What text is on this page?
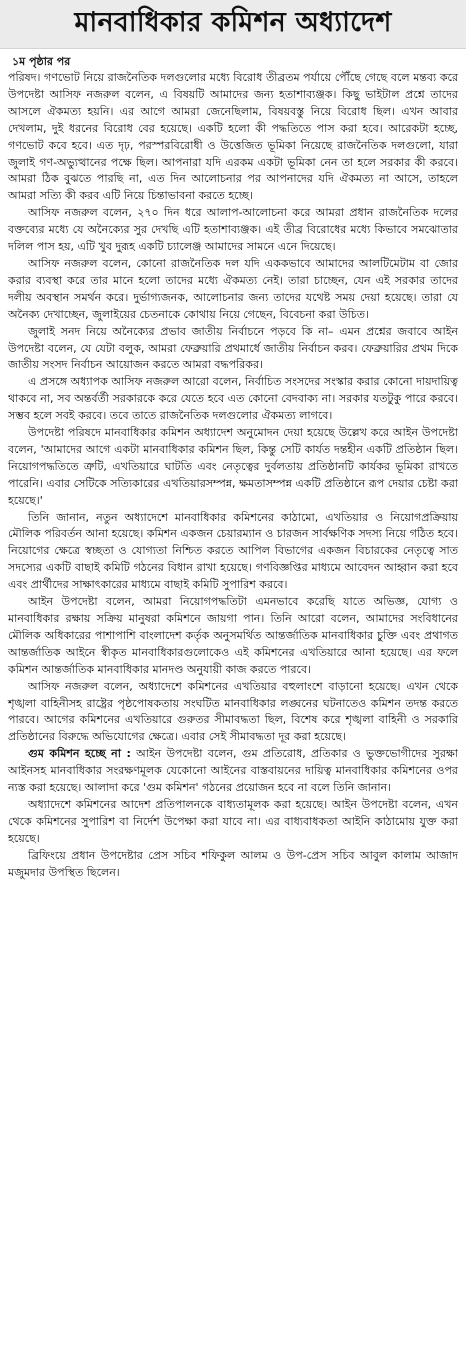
মানবাধিকার কমিশন অধ্যাদেশ
১ম পৃষ্ঠার পর

পরিষদ। গণভোট নিয়ে রাজনৈতিক দলগুলোর মধ্যে বিরোধ তীব্রতম পর্যায়ে পৌঁছে গেছে বলে মন্তব্য করে উপদেষ্টা আসিফ নজরুল বলেন, এ বিষয়টি আমাদের জন্য হতাশাব্যঞ্জক। কিছু ভাইটাল প্রশ্নে তাদের আসলে ঐকমত্য হয়নি। এর আগে আমরা জেনেছিলাম, বিষয়বস্তু নিয়ে বিরোধ ছিল। এখন আবার দেখলাম, দুই ধরনের বিরোধ বের হয়েছে। একটি হলো কী পদ্ধতিতে পাস করা হবে। আরেকটা হচ্ছে, গণভোট কবে হবে। এত দৃঢ়, পরস্পরবিরোধী ও উত্তেজিত ভূমিকা নিয়েছে রাজনৈতিক দলগুলো, যারা জুলাই গণ-অভ্যুত্থানের পক্ষে ছিল। আপনারা যদি এরকম একটা ভূমিকা নেন তা হলে সরকার কী করবে। আমরা ঠিক বুঝতে পারছি না, এত দিন আলোচনার পর আপনাদের যদি ঐকমত্য না আসে, তাহলে আমরা সত্যি কী করব এটি নিয়ে চিন্তাভাবনা করতে হচ্ছে।

আসিফ নজরুল বলেন, ২৭০ দিন ধরে আলাপ-আলোচনা করে আমরা প্রধান রাজনৈতিক দলের বক্তব্যের মধ্যে যে অনৈক্যের সুর দেখছি এটি হতাশাব্যঞ্জক। এই তীব্র বিরোধের মধ্যে কিভাবে সমঝোতার দলিল পাস হয়, এটি খুব দুরূহ একটি চ্যালেঞ্জ আমাদের সামনে এনে দিয়েছে।

আসিফ নজরুল বলেন, কোনো রাজনৈতিক দল যদি এককভাবে আমাদের আলটিমেটাম বা জোর করার ব্যবস্থা করে তার মানে হলো তাদের মধ্যে ঐকমত্য নেই। তারা চাচ্ছেন, যেন এই সরকার তাদের দলীয় অবস্থান সমর্থন করে। দুর্ভাগ্যজনক, আলোচনার জন্য তাদের যথেষ্ট সময় দেয়া হয়েছে। তারা যে অনৈক্য দেখাচ্ছেন, জুলাইয়ের চেতনাকে কোথায় নিয়ে গেছেন, বিবেচনা করা উচিত।

জুলাই সনদ নিয়ে অনৈক্যের প্রভাব জাতীয় নির্বাচনে পড়বে কি না– এমন প্রশ্নের জবাবে আইন উপদেষ্টা বলেন, যে যেটা বলুক, আমরা ফেব্রুয়ারি প্রথমার্ধে জাতীয় নির্বাচন করব। ফেব্রুয়ারির প্রথম দিকে জাতীয় সংসদ নির্বাচন আয়োজন করতে আমরা বদ্ধপরিকর।

এ প্রসঙ্গে অধ্যাপক আসিফ নজরুল আরো বলেন, নির্বাচিত সংসদের সংস্কার করার কোনো দায়দায়িত্ব থাকবে না, সব অন্তর্বর্তী সরকারকে করে যেতে হবে এত কোনো বেদবাক্য না। সরকার যতটুকু পারে করবে। সম্ভব হলে সবই করবে। তবে তাতে রাজনৈতিক দলগুলোর ঐকমত্য লাগবে।

উপদেষ্টা পরিষদে মানবাধিকার কমিশন অধ্যাদেশ অনুমোদন দেয়া হয়েছে উল্লেখ করে আইন উপদেষ্টা বলেন, 'আমাদের আগে একটা মানবাধিকার কমিশন ছিল, কিন্তু সেটি কার্যত দন্তহীন একটি প্রতিষ্ঠান ছিল। নিয়োগপদ্ধতিতে ত্রুটি, এখতিয়ারে ঘাটতি এবং নেতৃত্বের দুর্বলতায় প্রতিষ্ঠানটি কার্যকর ভূমিকা রাখতে পারেনি। এবার সেটিকে সত্যিকারের এখতিয়ারসম্পন্ন, ক্ষমতাসম্পন্ন একটি প্রতিষ্ঠানে রূপ দেয়ার চেষ্টা করা হয়েছে।'

তিনি জানান, নতুন অধ্যাদেশে মানবাধিকার কমিশনের কাঠামো, এখতিয়ার ও নিয়োগপ্রক্রিয়ায় মৌলিক পরিবর্তন আনা হয়েছে। কমিশন একজন চেয়ারম্যান ও চারজন সার্বক্ষণিক সদস্য নিয়ে গঠিত হবে। নিয়োগের ক্ষেত্রে স্বচ্ছতা ও যোগ্যতা নিশ্চিত করতে আপিল বিভাগের একজন বিচারকের নেতৃত্বে সাত সদস্যের একটি বাছাই কমিটি গঠনের বিধান রাখা হয়েছে। গণবিজ্ঞপ্তির মাধ্যমে আবেদন আহ্বান করা হবে এবং প্রার্থীদের সাক্ষাৎকারের মাধ্যমে বাছাই কমিটি সুপারিশ করবে।

আইন উপদেষ্টা বলেন, আমরা নিয়োগপদ্ধতিটা এমনভাবে করেছি যাতে অভিজ্ঞ, যোগ্য ও মানবাধিকার রক্ষায় সক্রিয় মানুষরা কমিশনে জায়গা পান। তিনি আরো বলেন, আমাদের সংবিধানের মৌলিক অধিকারের পাশাপাশি বাংলাদেশ কর্তৃক অনুসমর্থিত আন্তর্জাতিক মানবাধিকার চুক্তি এবং প্রথাগত আন্তর্জাতিক আইনে স্বীকৃত মানবাধিকারগুলোকেও এই কমিশনের এখতিয়ারে আনা হয়েছে। এর ফলে কমিশন আন্তর্জাতিক মানবাধিকার মানদণ্ড অনুযায়ী কাজ করতে পারবে।

আসিফ নজরুল বলেন, অধ্যাদেশে কমিশনের এখতিয়ার বহুলাংশে বাড়ানো হয়েছে। এখন থেকে শৃঙ্খলা বাহিনীসহ রাষ্ট্রের পৃষ্ঠপোষকতায় সংঘটিত মানবাধিকার লঙ্ঘনের ঘটনাতেও কমিশন তদন্ত করতে পারবে। আগের কমিশনের এখতিয়ারে গুরুতর সীমাবদ্ধতা ছিল, বিশেষ করে শৃঙ্খলা বাহিনী ও সরকারি প্রতিষ্ঠানের বিরুদ্ধে অভিযোগের ক্ষেত্রে। এবার সেই সীমাবদ্ধতা দূর করা হয়েছে।

গুম কমিশন হচ্ছে না : আইন উপদেষ্টা বলেন, গুম প্রতিরোধ, প্রতিকার ও ভুক্তভোগীদের সুরক্ষা আইনসহ মানবাধিকার সংরক্ষণমূলক যেকোনো আইনের বাস্তবায়নের দায়িত্ব মানবাধিকার কমিশনের ওপর ন্যস্ত করা হয়েছে। আলাদা করে 'গুম কমিশন' গঠনের প্রয়োজন হবে না বলে তিনি জানান।

অধ্যাদেশে কমিশনের আদেশ প্রতিপালনকে বাধ্যতামূলক করা হয়েছে। আইন উপদেষ্টা বলেন, এখন থেকে কমিশনের সুপারিশ বা নির্দেশ উপেক্ষা করা যাবে না। এর বাধ্যবাধকতা আইনি কাঠামোয় যুক্ত করা হয়েছে।

ব্রিফিংয়ে প্রধান উপদেষ্টার প্রেস সচিব শফিকুল আলম ও উপ-প্রেস সচিব আবুল কালাম আজাদ মজুমদার উপস্থিত ছিলেন।
